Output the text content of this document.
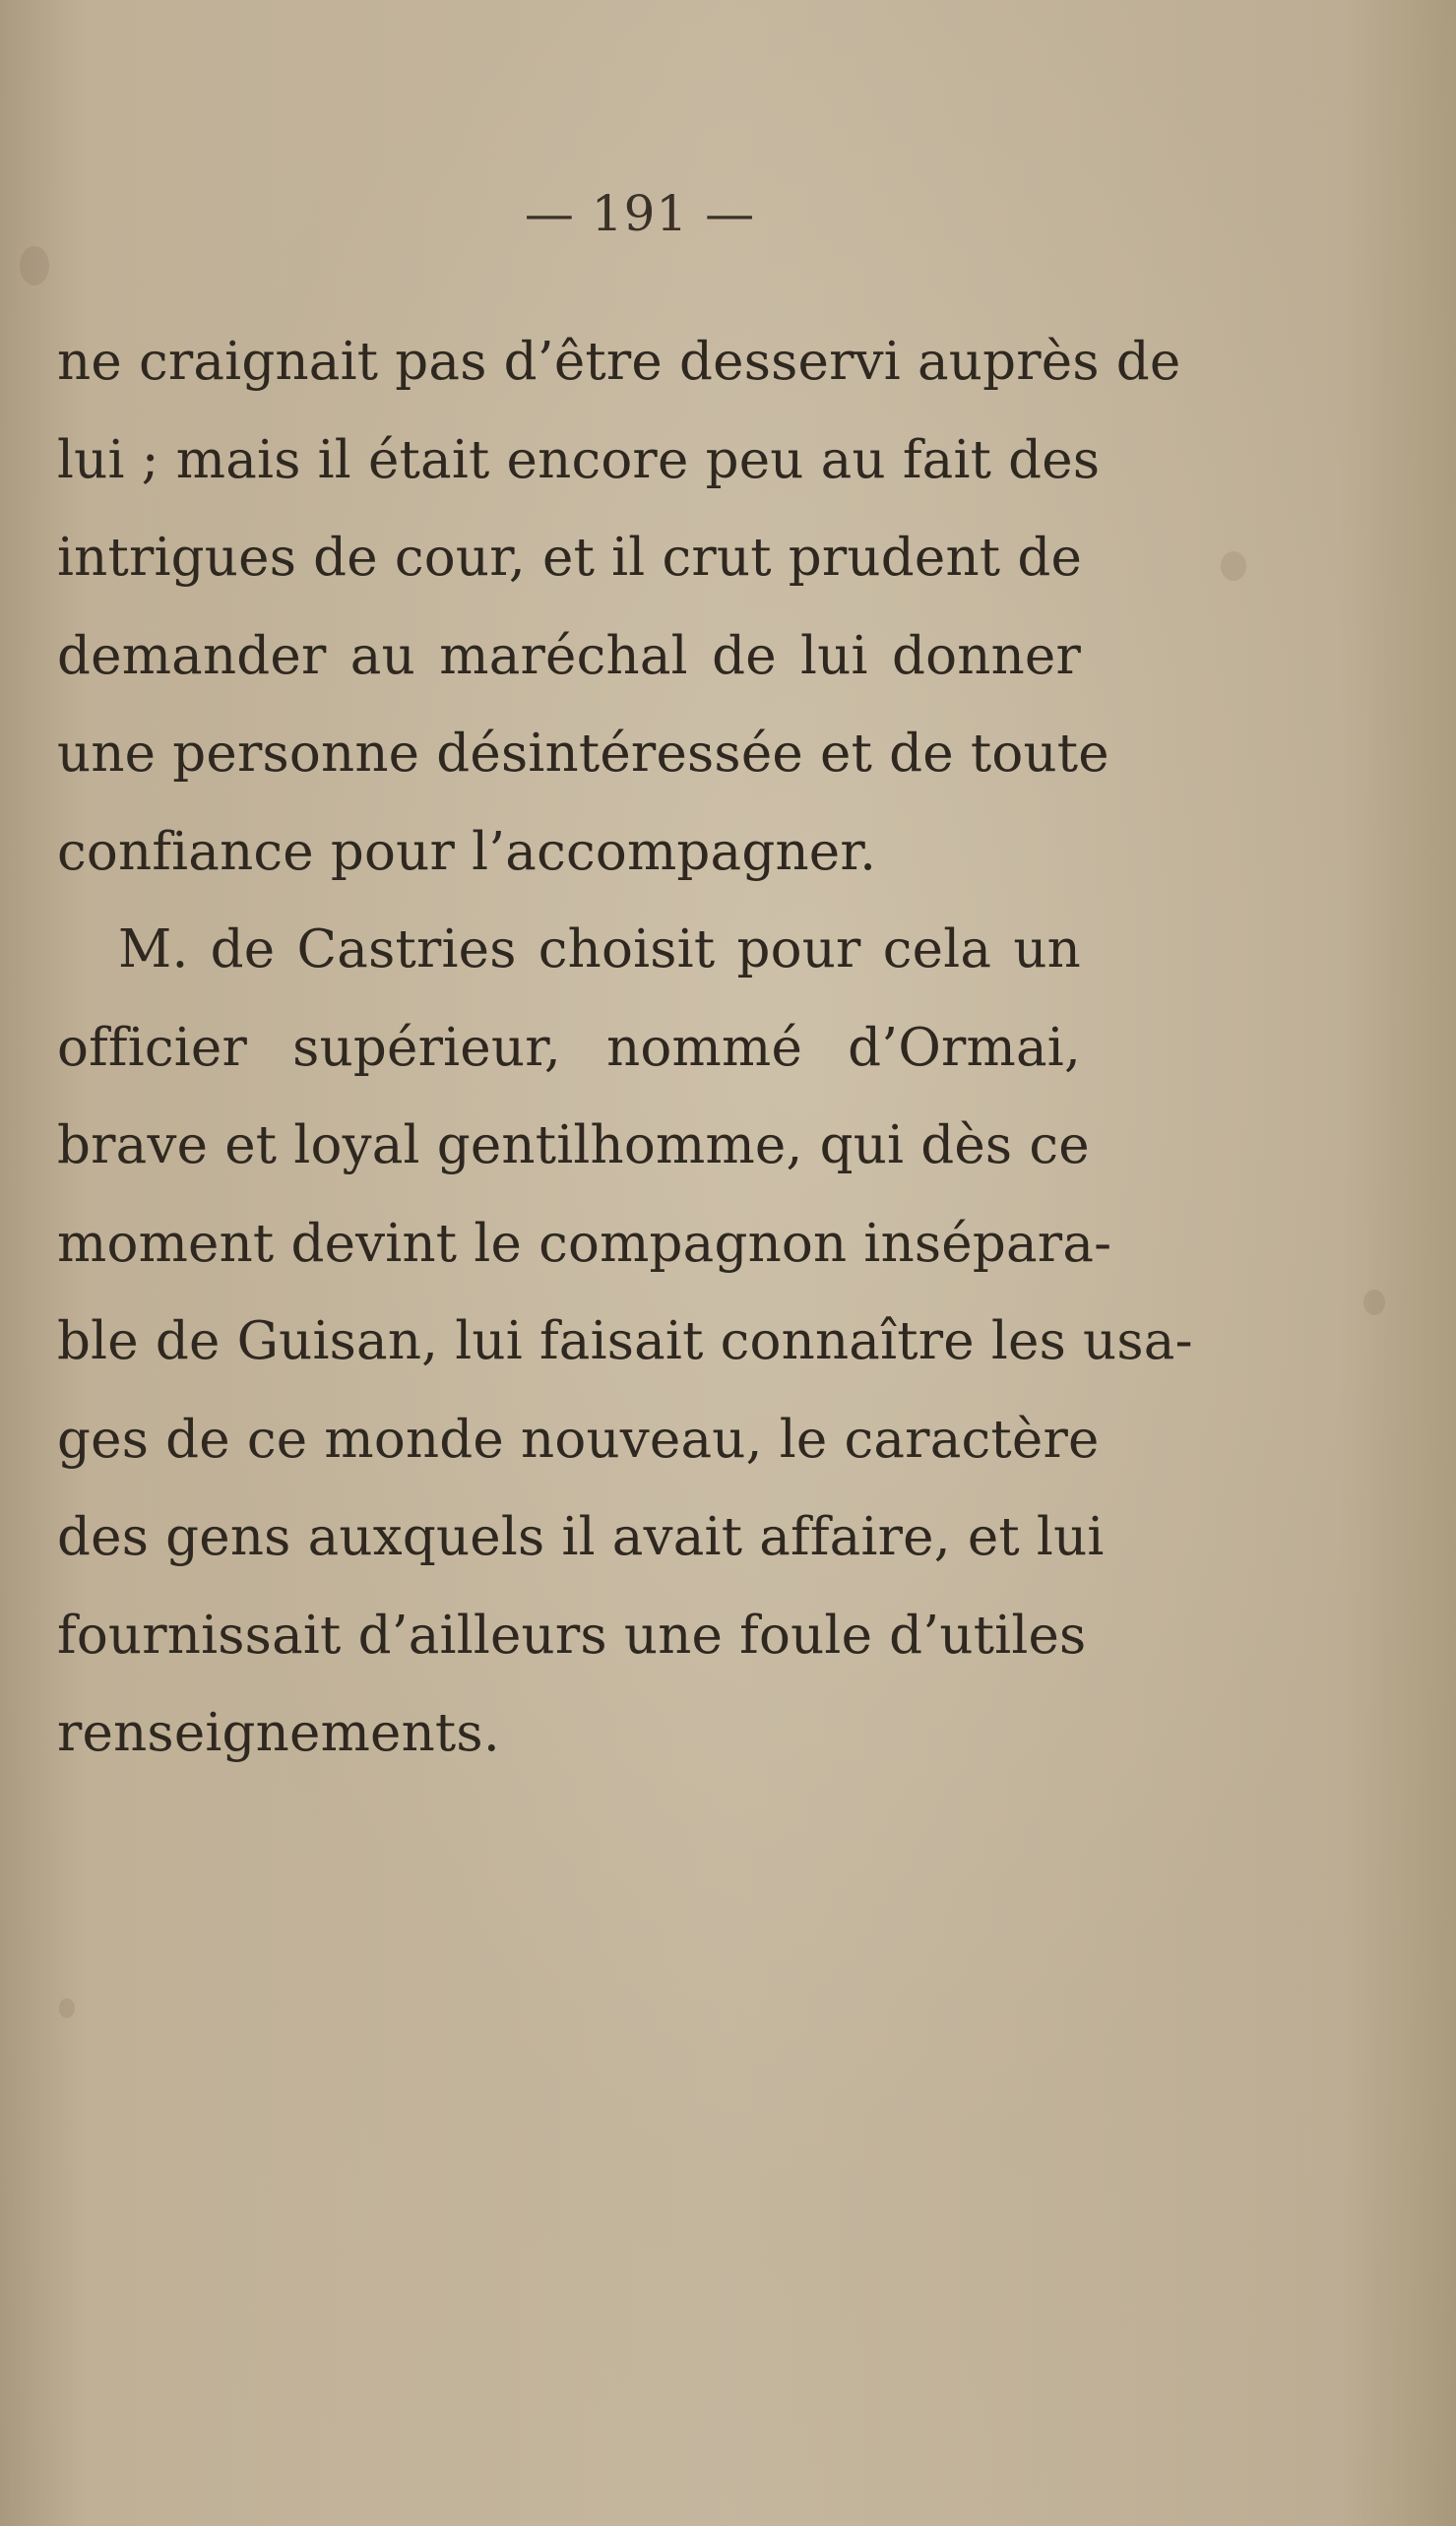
— 191 —
ne craignait pas d’être desservi auprès de
lui ; mais il était encore peu au fait des
intrigues de cour, et il crut prudent de
demander au maréchal de lui donner
une personne désintéressée et de toute
confiance pour l’accompagner.
M. de Castries choisit pour cela un
officier supérieur, nommé d’Ormai,
brave et loyal gentilhomme, qui dès ce
moment devint le compagnon insépara-
ble de Guisan, lui faisait connaître les usa-
ges de ce monde nouveau, le caractère
des gens auxquels il avait affaire, et lui
fournissait d’ailleurs une foule d’utiles
renseignements.
